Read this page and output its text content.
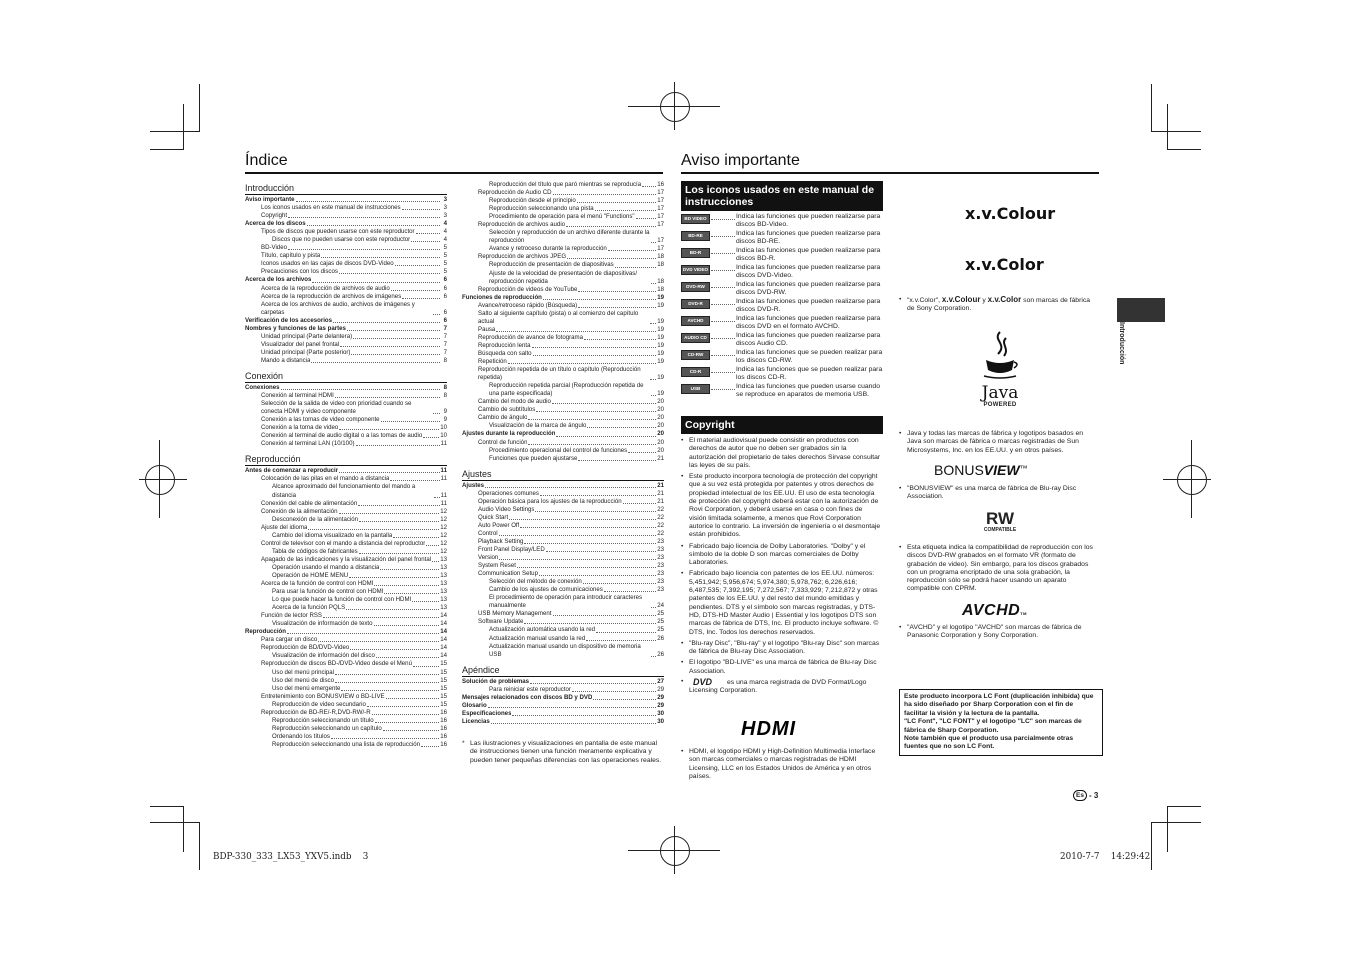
Índice
Introducción
Aviso importante	3
Los iconos usados en este manual de instrucciones	3
Copyright	3
Acerca de los discos	4
Tipos de discos que pueden usarse con este reproductor	4
Discos que no pueden usarse con este reproductor	4
BD-Video	5
Título, capítulo y pista	5
Iconos usados en las cajas de discos DVD-Video	5
Precauciones con los discos	5
Acerca de los archivos	6
Acerca de la reproducción de archivos de audio	6
Acerca de la reproducción de archivos de imágenes	6
Acerca de los archivos de audio, archivos de imágenes y carpetas	6
Verificación de los accesorios	6
Nombres y funciones de las partes	7
Unidad principal (Parte delantera)	7
Visualizador del panel frontal	7
Unidad principal (Parte posterior)	7
Mando a distancia	8
Conexión
Conexiones	8
Conexión al terminal HDMI	8
Selección de la salida de video con prioridad cuando se conecta HDMI y video componente	9
Conexión a las tomas de video componente	9
Conexión a la toma de video	10
Conexión al terminal de audio digital o a las tomas de audio	10
Conexión al terminal LAN (10/100)	11
Reproducción
Antes de comenzar a reproducir	11
Colocación de las pilas en el mando a distancia	11
Alcance aproximado del funcionamiento del mando a distancia	11
Conexión del cable de alimentación	11
Conexión de la alimentación	12
Desconexión de la alimentación	12
Ajuste del idioma	12
Cambio del idioma visualizado en la pantalla	12
Control de televisor con el mando a distancia del reproductor 12
Tabla de códigos de fabricantes	12
Apagado de las indicaciones y la visualización del panel frontal 13
Operación usando el mando a distancia	13
Operación de HOME MENU	13
Acerca de la función de control con HDMI	13
Para usar la función de control con HDMI	13
Lo que puede hacer la función de control con HDMI	13
Acerca de la función PQLS	13
Función de lector RSS	14
Visualización de información de texto	14
Reproducción	14
Para cargar un disco	14
Reproducción de BD/DVD-Video	14
Visualización de información del disco	14
Reproducción de discos BD-/DVD-Video desde el Menú	15
Uso del menú principal	15
Uso del menú de disco	15
Uso del menú emergente	15
Entretenimiento con BONUSVIEW o BD-LIVE	15
Reproducción de video secundario	15
Reproducción de BD-RE/-R,DVD-RW/-R	16
Reproducción seleccionando un título	16
Reproducción seleccionando un capítulo	16
Ordenando los títulos	16
Reproducción seleccionando una lista de reproducción	16
Reproducción del título que paró mientras se reproducía	16
Reproducción de Audio CD	17
Reproducción desde el principio	17
Reproducción seleccionando una pista	17
Procedimiento de operación para el menú "Functions"	17
Reproducción de archivos audio	17
Selección y reproducción de un archivo diferente durante la reproducción	17
Avance y retroceso durante la reproducción	17
Reproducción de archivos JPEG	18
Reproducción de presentación de diapositivas	18
Ajuste de la velocidad de presentación de diapositivas/ reproducción repetida	18
Reproducción de videos de YouTube	18
Funciones de reproducción	19
Avance/retroceso rápido (Búsqueda)	19
Salto al siguiente capítulo (pista) o al comienzo del capítulo actual	19
Pausa	19
Reproducción de avance de fotograma	19
Reproducción lenta	19
Búsqueda con salto	19
Repetición	19
Reproducción repetida de un título o capítulo (Reproducción repetida)	19
Reproducción repetida parcial (Reproducción repetida de una parte especificada)	19
Cambio del modo de audio	20
Cambio de subtítulos	20
Cambio de ángulo	20
Visualización de la marca de ángulo	20
Ajustes durante la reproducción	20
Control de función	20
Procedimiento operacional del control de funciones	20
Funciones que pueden ajustarse	21
Ajustes
Ajustes	21
Operaciones comunes	21
Operación básica para los ajustes de la reproducción	21
Audio Video Settings	22
Quick Start	22
Auto Power Off	22
Control	22
Playback Setting	23
Front Panel Display/LED	23
Version	23
System Reset	23
Communication Setup	23
Selección del método de conexión	23
Cambio de los ajustes de comunicaciones	23
El procedimiento de operación para introducir caracteres manualmente	24
USB Memory Management	25
Software Update	25
Actualización automática usando la red	25
Actualización manual usando la red	26
Actualización manual usando un dispositivo de memoria USB	26
Apéndice
Solución de problemas	27
Para reiniciar este reproductor	29
Mensajes relacionados con discos BD y DVD	29
Glosario	29
Especificaciones	30
Licencias	30
* Las ilustraciones y visualizaciones en pantalla de este manual de instrucciones tienen una función meramente explicativa y pueden tener pequeñas diferencias con las operaciones reales.
Aviso importante
Los iconos usados en este manual de instrucciones
BD VIDEO	Indica las funciones que pueden realizarse para discos BD-Video.
BD-RE	Indica las funciones que pueden realizarse para discos BD-RE.
BD-R	Indica las funciones que pueden realizarse para discos BD-R.
DVD VIDEO	Indica las funciones que pueden realizarse para discos DVD-Video.
DVD-RW	Indica las funciones que pueden realizarse para discos DVD-RW.
DVD-R	Indica las funciones que pueden realizarse para discos DVD-R.
AVCHD	Indica las funciones que pueden realizarse para discos DVD en el formato AVCHD.
AUDIO CD	Indica las funciones que pueden realizarse para discos Audio CD.
CD-RW	Indica las funciones que se pueden realizar para los discos CD-RW.
CD-R	Indica las funciones que se pueden realizar para los discos CD-R.
USB	Indica las funciones que pueden usarse cuando se reproduce en aparatos de memoria USB.
Copyright
• El material audiovisual puede consistir en productos con derechos de autor que no deben ser grabados sin la autorización del propietario de tales derechos Sirvase consultar las leyes de su país.
• Este producto incorpora tecnología de protección del copyright que a su vez está protegida por patentes y otros derechos de propiedad intelectual de los EE.UU. El uso de esta tecnología de protección del copyright deberá estar con la autorización de Rovi Corporation, y deberá usarse en casa o con fines de visión limitada solamente, a menos que Rovi Corporation autorice lo contrario. La inversión de ingeniería o el desmontaje están prohibidos.
• Fabricado bajo licencia de Dolby Laboratories. "Dolby" y el símbolo de la doble D son marcas comerciales de Dolby Laboratories.
• Fabricado bajo licencia con patentes de los EE.UU. números: 5,451,942; 5,956,674; 5,974,380; 5,978,762; 6,226,616; 6,487,535; 7,392,195; 7,272,567; 7,333,929; 7,212,872 y otras patentes de los EE.UU. y del resto del mundo emitidas y pendientes. DTS y el símbolo son marcas registradas, y DTS-HD, DTS-HD Master Audio | Essential y los logotipos DTS son marcas de fábrica de DTS, Inc. El producto incluye software. © DTS, Inc. Todos los derechos reservados.
• "Blu-ray Disc", "Blu-ray" y el logotipo "Blu-ray Disc" son marcas de fábrica de Blu-ray Disc Association.
• El logotipo "BD-LIVE" es una marca de fábrica de Blu-ray Disc Association.
• DVD es una marca registrada de DVD Format/Logo Licensing Corporation.
HDMI
• HDMI, el logotipo HDMI y High-Definition Multimedia Interface son marcas comerciales o marcas registradas de HDMI Licensing, LLC en los Estados Unidos de América y en otros países.
x.v.Colour
x.v.Color
• "x.v.Color", x.v.Colour y x.v.Color son marcas de fábrica de Sony Corporation.
Java
POWERED
• Java y todas las marcas de fábrica y logotipos basados en Java son marcas de fábrica o marcas registradas de Sun Microsystems, Inc. en los EE.UU. y en otros países.
BONUSVIEW™
• "BONUSVIEW" es una marca de fábrica de Blu-ray Disc Association.
RW
COMPATIBLE
• Esta etiqueta indica la compatibilidad de reproducción con los discos DVD-RW grabados en el formato VR (formato de grabación de video). Sin embargo, para los discos grabados con un programa encriptado de una sola grabación, la reproducción sólo se podrá hacer usando un aparato compatible con CPRM.
AVCHDTM
• "AVCHD" y el logotipo "AVCHD" son marcas de fábrica de Panasonic Corporation y Sony Corporation.
Este producto incorpora LC Font (duplicación inhibida) que ha sido diseñado por Sharp Corporation con el fin de facilitar la visión y la lectura de la pantalla.
"LC Font", "LC FONT" y el logotipo "LC" son marcas de fábrica de Sharp Corporation.
Note también que el producto usa parcialmente otras fuentes que no son LC Font.
Introducción
Es - 3
BDP-330_333_LX53_YXV5.indb 3	2010-7-7 14:29:42
